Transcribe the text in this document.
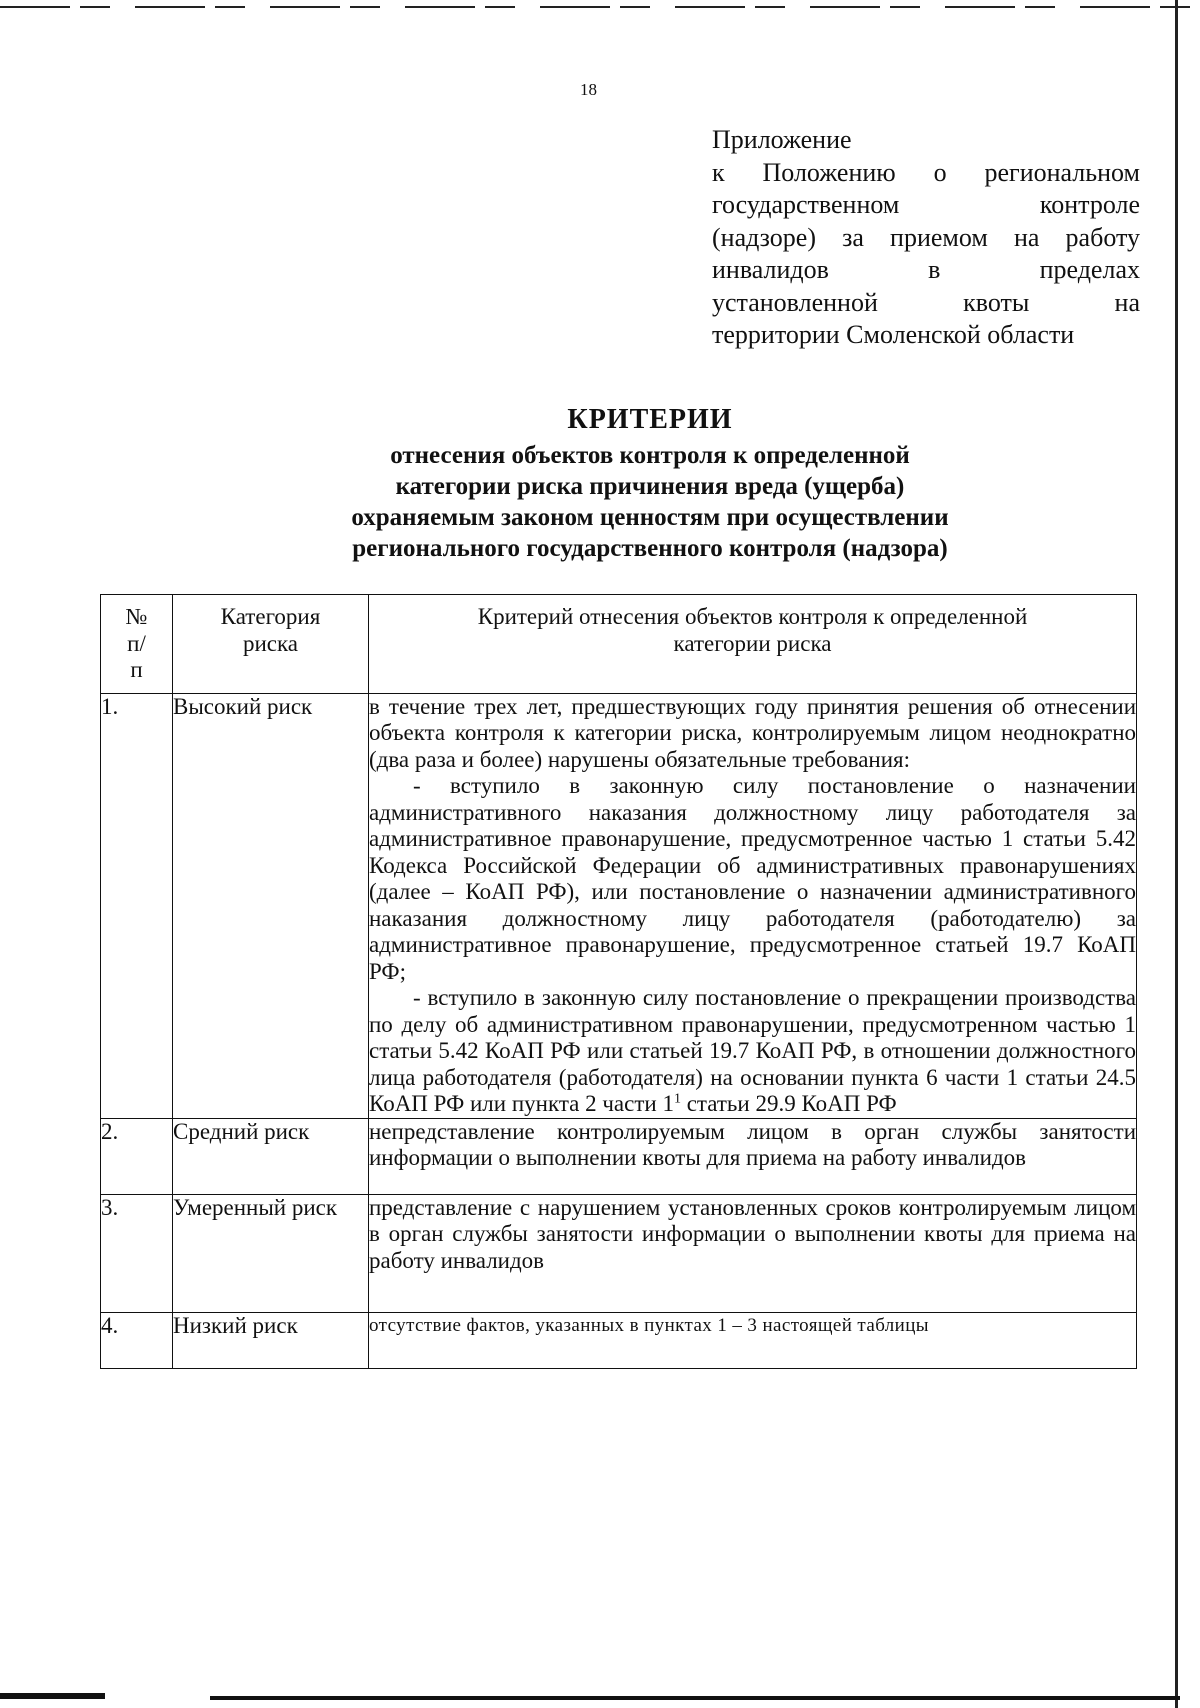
18
Приложение
к Положению о региональном
государственном контроле
(надзоре) за приемом на работу
инвалидов в пределах
установленной квоты на
территории Смоленской области
КРИТЕРИИ
отнесения объектов контроля к определенной
категории риска причинения вреда (ущерба)
охраняемым законом ценностям при осуществлении
регионального государственного контроля (надзора)
№ п/п	Категория риска	Критерий отнесения объектов контроля к определенной категории риска
1.	Высокий риск	в течение трех лет, предшествующих году принятия решения об отнесении объекта контроля к категории риска, контролируемым лицом неоднократно (два раза и более) нарушены обязательные требования:

- вступило в законную силу постановление о назначении административного наказания должностному лицу работодателя за административное правонарушение, предусмотренное частью 1 статьи 5.42 Кодекса Российской Федерации об административных правонарушениях (далее – КоАП РФ), или постановление о назначении административного наказания должностному лицу работодателя (работодателю) за административное правонарушение, предусмотренное статьей 19.7 КоАП РФ;

- вступило в законную силу постановление о прекращении производства по делу об административном правонарушении, предусмотренном частью 1 статьи 5.42 КоАП РФ или статьей 19.7 КоАП РФ, в отношении должностного лица работодателя (работодателя) на основании пункта 6 части 1 статьи 24.5 КоАП РФ или пункта 2 части $1^1$ статьи 29.9 КоАП РФ

2.	Средний риск	непредставление контролируемым лицом в орган службы занятости информации о выполнении квоты для приема на работу инвалидов
3.	Умеренный риск	представление с нарушением установленных сроков контролируемым лицом в орган службы занятости информации о выполнении квоты для приема на работу инвалидов
4.	Низкий риск	отсутствие фактов, указанных в пунктах 1 – 3 настоящей таблицы
